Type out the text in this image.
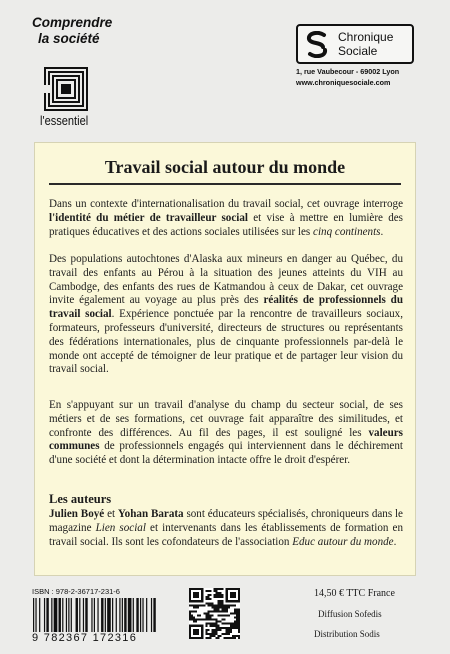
Comprendre
la société
l'essentiel
Chronique
Sociale
1, rue Vaubecour - 69002 Lyon
www.chroniquesociale.com
Travail social autour du monde

Dans un contexte d'internationalisation du travail social, cet ouvrage interroge l'identité du métier de travailleur social et vise à mettre en lumière des pratiques éducatives et des actions sociales utilisées sur les cinq continents.

Des populations autochtones d'Alaska aux mineurs en danger au Québec, du travail des enfants au Pérou à la situation des jeunes atteints du VIH au Cambodge, des enfants des rues de Katmandou à ceux de Dakar, cet ouvrage invite également au voyage au plus près des réalités de professionnels du travail social. Expérience ponctuée par la rencontre de travailleurs sociaux, formateurs, professeurs d'université, directeurs de structures ou représentants des fédérations internationales, plus de cinquante professionnels par-delà le monde ont accepté de témoigner de leur pratique et de partager leur vision du travail social.

En s'appuyant sur un travail d'analyse du champ du secteur social, de ses métiers et de ses formations, cet ouvrage fait apparaître des similitudes, et confronte des différences. Au fil des pages, il est souligné les valeurs communes de professionnels engagés qui interviennent dans le déchirement d'une société et dont la détermination intacte offre le droit d'espérer.

Les auteurs

Julien Boyé et Yohan Barata sont éducateurs spécialisés, chroniqueurs dans le magazine Lien social et intervenants dans les établissements de formation en travail social. Ils sont les cofondateurs de l'association Educ autour du monde.

ISBN : 978-2-36717-231-6
9 782367 172316
14,50 € TTC France
Diffusion Sofedis
Distribution Sodis
